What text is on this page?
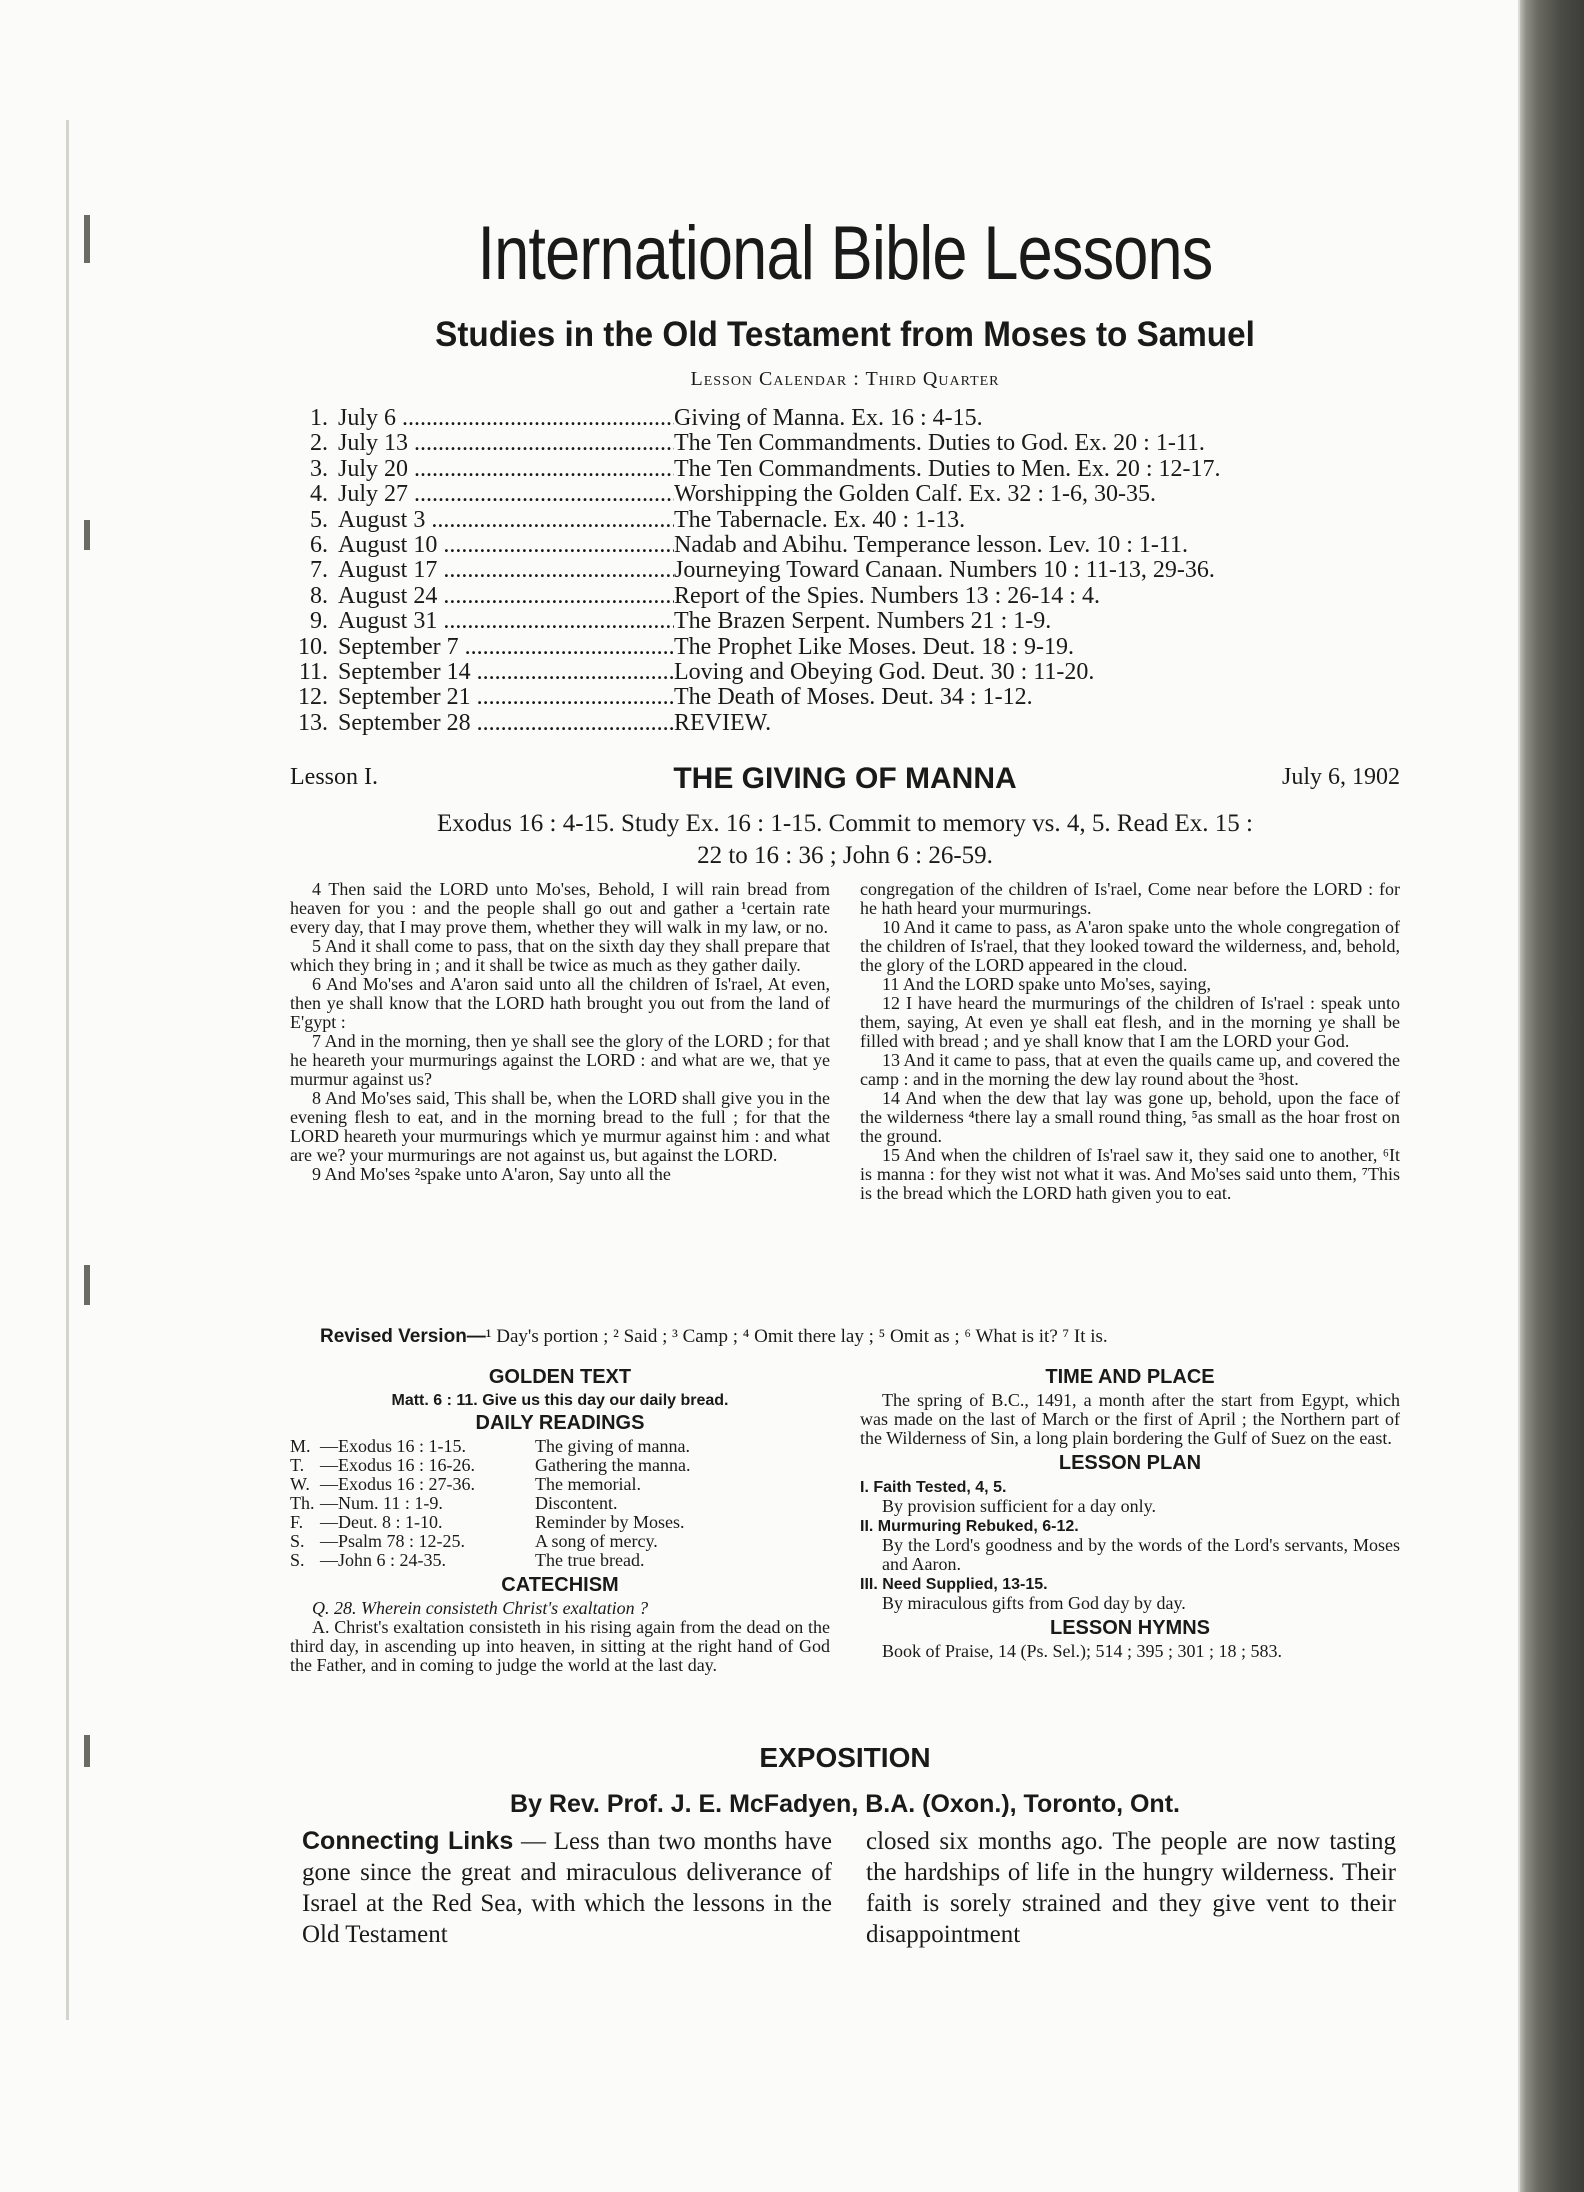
International Bible Lessons
Studies in the Old Testament from Moses to Samuel
Lesson Calendar : Third Quarter
1. July 6 .....	Giving of Manna. Ex. 16 : 4-15.
2. July 13 .....	The Ten Commandments. Duties to God. Ex. 20 : 1-11.
3. July 20 .....	The Ten Commandments. Duties to Men. Ex. 20 : 12-17.
4. July 27 .....	Worshipping the Golden Calf. Ex. 32 : 1-6, 30-35.
5. August 3 .....	The Tabernacle. Ex. 40 : 1-13.
6. August 10 .....	Nadab and Abihu. Temperance lesson. Lev. 10 : 1-11.
7. August 17 .....	Journeying Toward Canaan. Numbers 10 : 11-13, 29-36.
8. August 24 .....	Report of the Spies. Numbers 13 : 26-14 : 4.
9. August 31 .....	The Brazen Serpent. Numbers 21 : 1-9.
10. September 7 .....	The Prophet Like Moses. Deut. 18 : 9-19.
11. September 14 .....	Loving and Obeying God. Deut. 30 : 11-20.
12. September 21 .....	The Death of Moses. Deut. 34 : 1-12.
13. September 28 .....	REVIEW.
Lesson I.	THE GIVING OF MANNA	July 6, 1902
Exodus 16 : 4-15. Study Ex. 16 : 1-15. Commit to memory vs. 4, 5. Read Ex. 15 :
22 to 16 : 36 ; John 6 : 26-59.

4 Then said the LORD unto Mo'ses, Behold, I will rain bread from heaven for you : and the people shall go out and gather a ¹certain rate every day, that I may prove them, whether they will walk in my law, or no.

5 And it shall come to pass, that on the sixth day they shall prepare that which they bring in ; and it shall be twice as much as they gather daily.

6 And Mo'ses and A'aron said unto all the children of Is'rael, At even, then ye shall know that the LORD hath brought you out from the land of E'gypt :

7 And in the morning, then ye shall see the glory of the LORD ; for that he heareth your murmurings against the LORD : and what are we, that ye murmur against us?

8 And Mo'ses said, This shall be, when the LORD shall give you in the evening flesh to eat, and in the morning bread to the full ; for that the LORD heareth your murmurings which ye murmur against him : and what are we? your murmurings are not against us, but against the LORD.

9 And Mo'ses ²spake unto A'aron, Say unto all the

congregation of the children of Is'rael, Come near before the LORD : for he hath heard your murmurings.

10 And it came to pass, as A'aron spake unto the whole congregation of the children of Is'rael, that they looked toward the wilderness, and, behold, the glory of the LORD appeared in the cloud.

11 And the LORD spake unto Mo'ses, saying,

12 I have heard the murmurings of the children of Is'rael : speak unto them, saying, At even ye shall eat flesh, and in the morning ye shall be filled with bread ; and ye shall know that I am the LORD your God.

13 And it came to pass, that at even the quails came up, and covered the camp : and in the morning the dew lay round about the ³host.

14 And when the dew that lay was gone up, behold, upon the face of the wilderness ⁴there lay a small round thing, ⁵as small as the hoar frost on the ground.

15 And when the children of Is'rael saw it, they said one to another, ⁶It is manna : for they wist not what it was. And Mo'ses said unto them, ⁷This is the bread which the LORD hath given you to eat.

Revised Version—¹ Day's portion ; ² Said ; ³ Camp ; ⁴ Omit there lay ; ⁵ Omit as ; ⁶ What is it? ⁷ It is.
GOLDEN TEXT
Matt. 6 : 11. Give us this day our daily bread.
DAILY READINGS
M. —Exodus 16 : 1-15.	The giving of manna.
T. —Exodus 16 : 16-26.	Gathering the manna.
W. —Exodus 16 : 27-36.	The memorial.
Th. —Num. 11 : 1-9.	Discontent.
F. —Deut. 8 : 1-10.	Reminder by Moses.
S. —Psalm 78 : 12-25.	A song of mercy.
S. —John 6 : 24-35.	The true bread.
CATECHISM
Q. 28. Wherein consisteth Christ's exaltation ?
A. Christ's exaltation consisteth in his rising again from the dead on the third day, in ascending up into heaven, in sitting at the right hand of God the Father, and in coming to judge the world at the last day.
TIME AND PLACE
The spring of B.C., 1491, a month after the start from Egypt, which was made on the last of March or the first of April ; the Northern part of the Wilderness of Sin, a long plain bordering the Gulf of Suez on the east.
LESSON PLAN
I. Faith Tested, 4, 5.
By provision sufficient for a day only.
II. Murmuring Rebuked, 6-12.
By the Lord's goodness and by the words of the Lord's servants, Moses and Aaron.
III. Need Supplied, 13-15.
By miraculous gifts from God day by day.
LESSON HYMNS
Book of Praise, 14 (Ps. Sel.); 514 ; 395 ; 301 ; 18 ; 583.
EXPOSITION
By Rev. Prof. J. E. McFadyen, B.A. (Oxon.), Toronto, Ont.

Connecting Links — Less than two months have gone since the great and miraculous deliverance of Israel at the Red Sea, with which the lessons in the Old Testament

closed six months ago. The people are now tasting the hardships of life in the hungry wilderness. Their faith is sorely strained and they give vent to their disappointment
